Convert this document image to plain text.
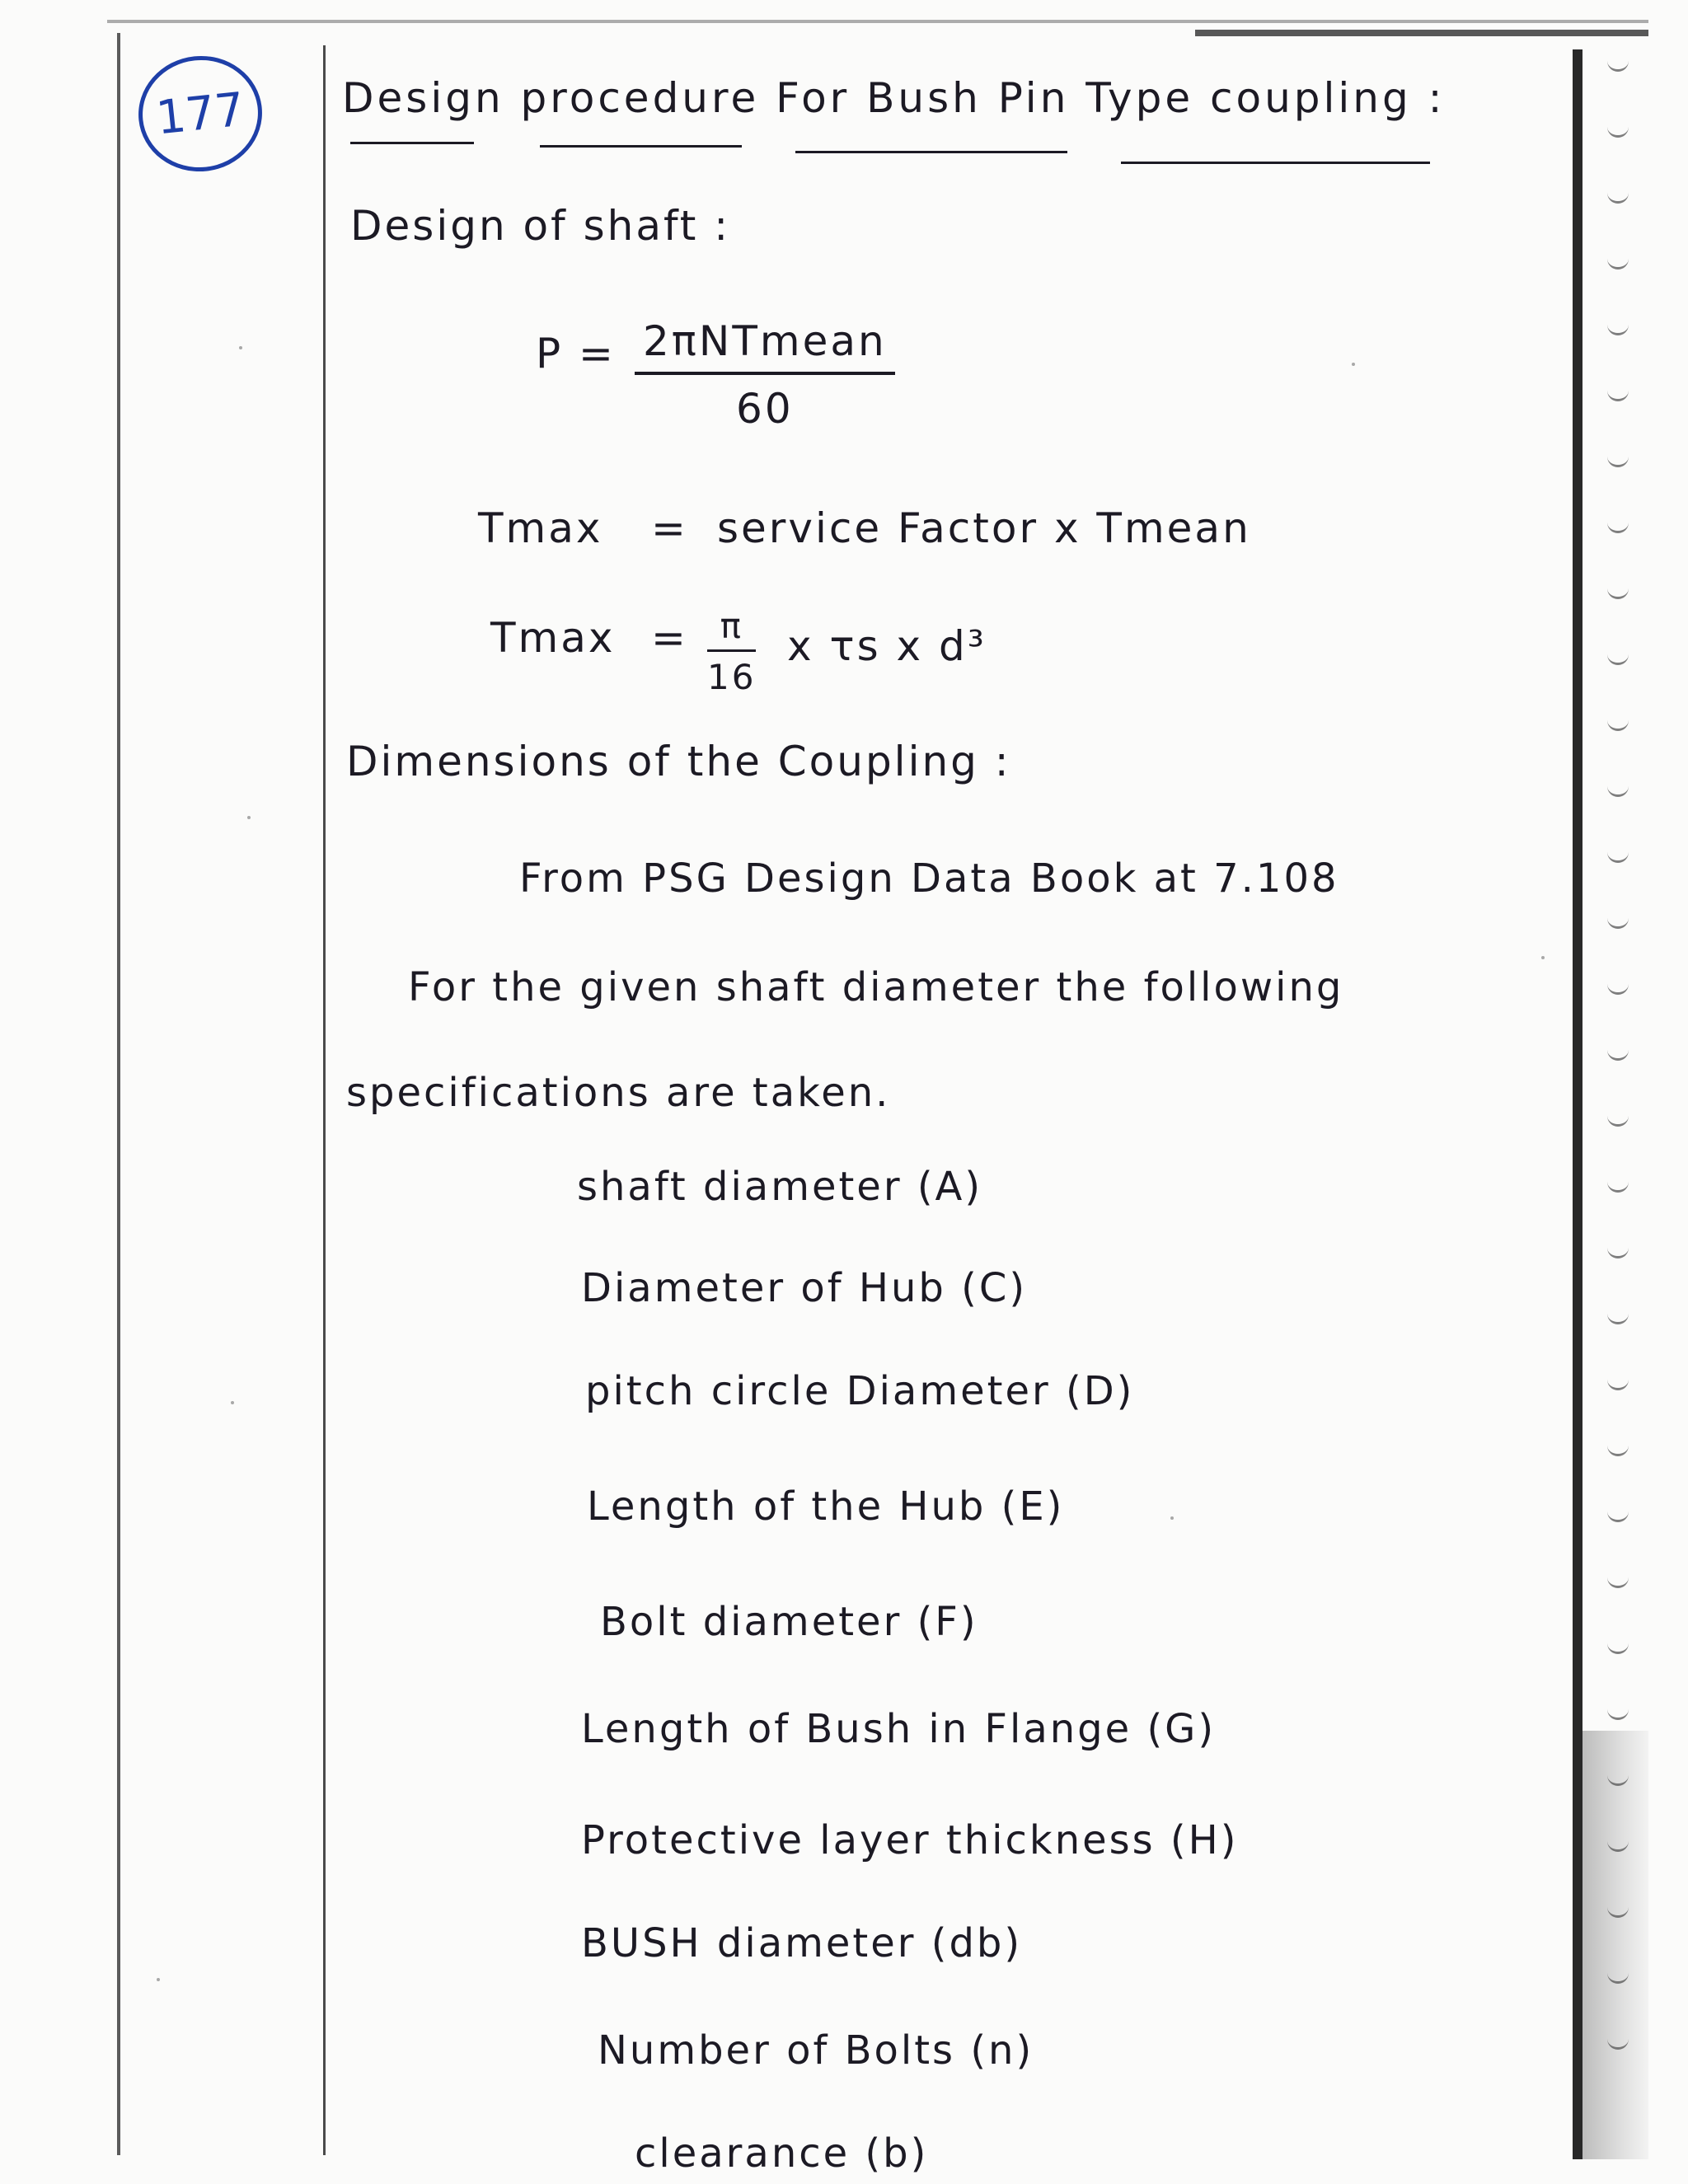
177	Design procedure For Bush Pin Type coupling :
Design of shaft :
P = 2πNTmean
60
Tmax = service Factor x Tmean
Tmax = π
16
x τs x d³
Dimensions of the Coupling :
From PSG Design Data Book at 7.108
For the given shaft diameter the following
specifications are taken.
shaft diameter (A)
Diameter of Hub (C)
pitch circle Diameter (D)
Length of the Hub (E)
Bolt diameter (F)
Length of Bush in Flange (G)
Protective layer thickness (H)
BUSH diameter (db)
Number of Bolts (n)
clearance (b)
